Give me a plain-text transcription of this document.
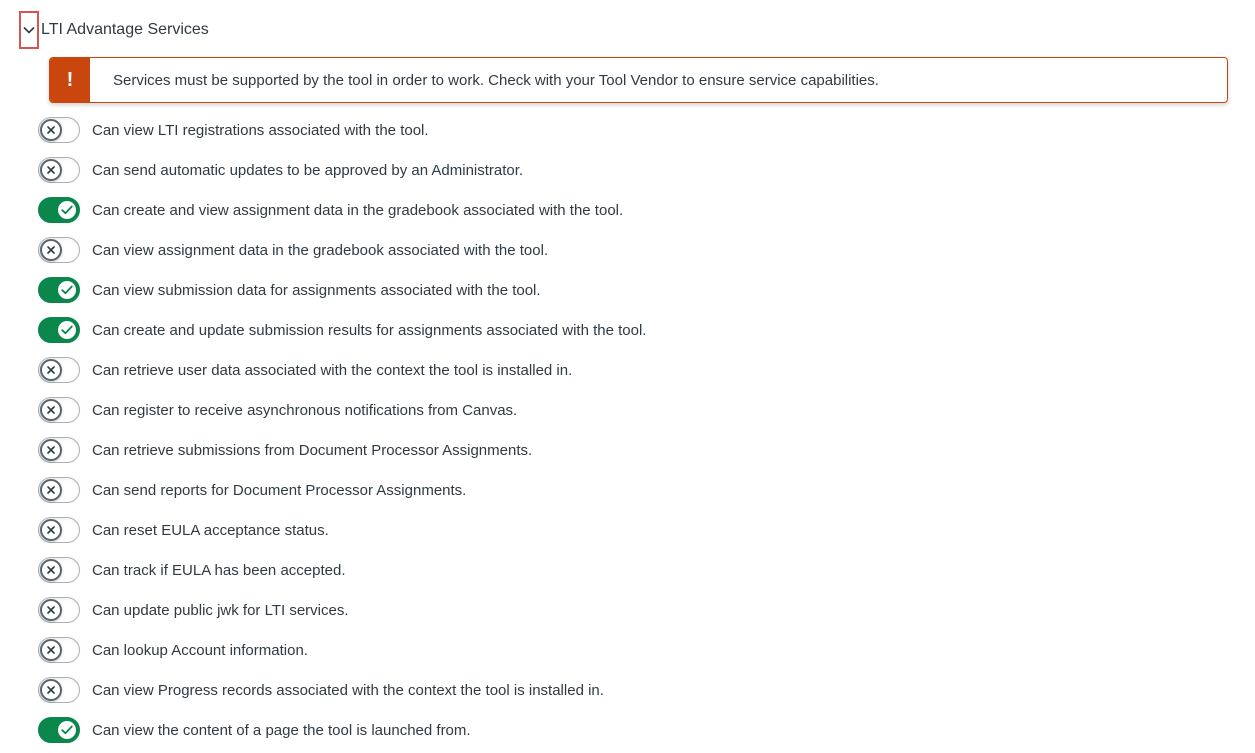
LTI Advantage Services
!	Services must be supported by the tool in order to work. Check with your Tool Vendor to ensure service capabilities.
Can view LTI registrations associated with the tool.
Can send automatic updates to be approved by an Administrator.
Can create and view assignment data in the gradebook associated with the tool.
Can view assignment data in the gradebook associated with the tool.
Can view submission data for assignments associated with the tool.
Can create and update submission results for assignments associated with the tool.
Can retrieve user data associated with the context the tool is installed in.
Can register to receive asynchronous notifications from Canvas.
Can retrieve submissions from Document Processor Assignments.
Can send reports for Document Processor Assignments.
Can reset EULA acceptance status.
Can track if EULA has been accepted.
Can update public jwk for LTI services.
Can lookup Account information.
Can view Progress records associated with the context the tool is installed in.
Can view the content of a page the tool is launched from.
